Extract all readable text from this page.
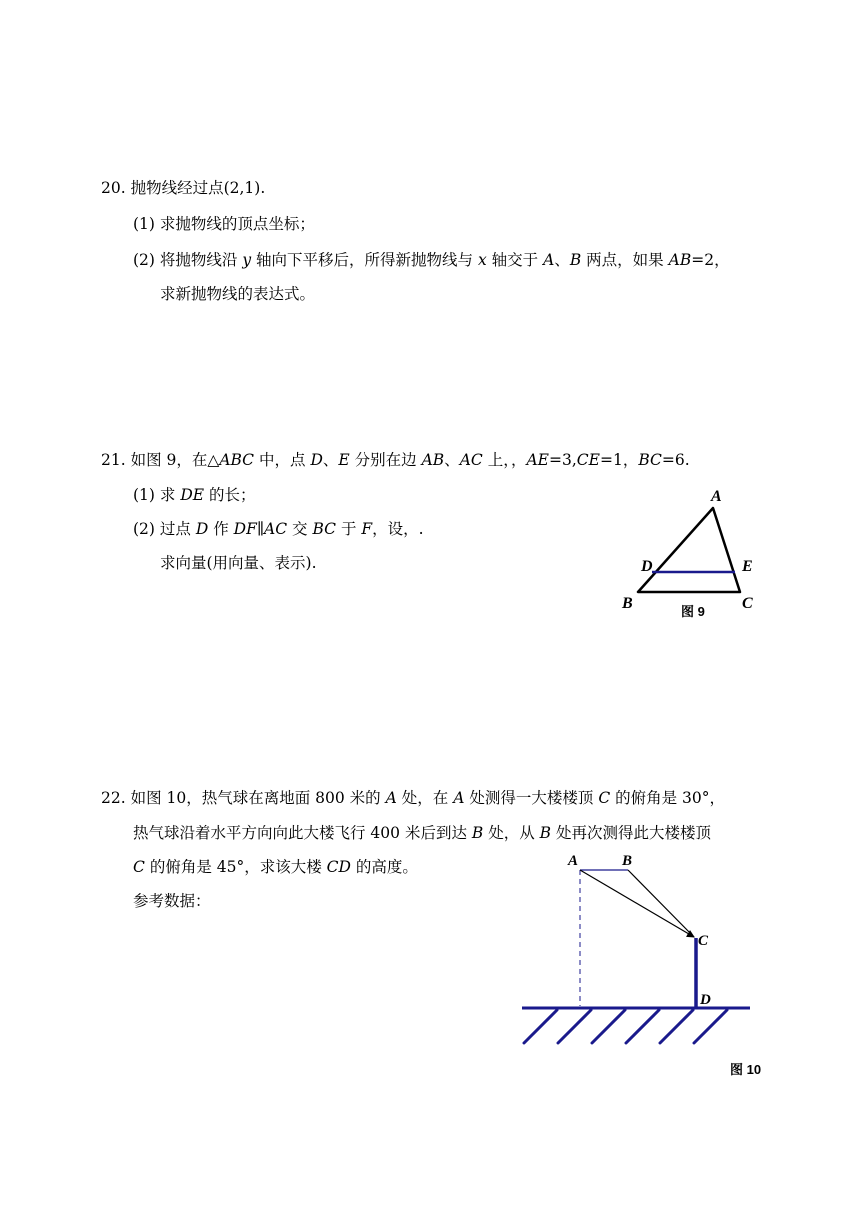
20. 抛物线经过点(2,1).
(1) 求抛物线的顶点坐标；
(2) 将抛物线沿 y 轴向下平移后，所得新抛物线与 x 轴交于 A、B 两点，如果 AB=2，
求新抛物线的表达式。
21. 如图 9，在△ABC 中，点 D、E 分别在边 AB、AC 上，，AE=3,CE=1，BC=6.
(1) 求 DE 的长；
(2) 过点 D 作 DF∥AC 交 BC 于 F，设，.
求向量(用向量、表示).
A
D	E
B	C
图 9
22. 如图 10，热气球在离地面 800 米的 A 处，在 A 处测得一大楼楼顶 C 的俯角是 30°，
热气球沿着水平方向向此大楼飞行 400 米后到达 B 处，从 B 处再次测得此大楼楼顶
C 的俯角是 45°，求该大楼 CD 的高度。
参考数据：
A	B
C
D
图 10
